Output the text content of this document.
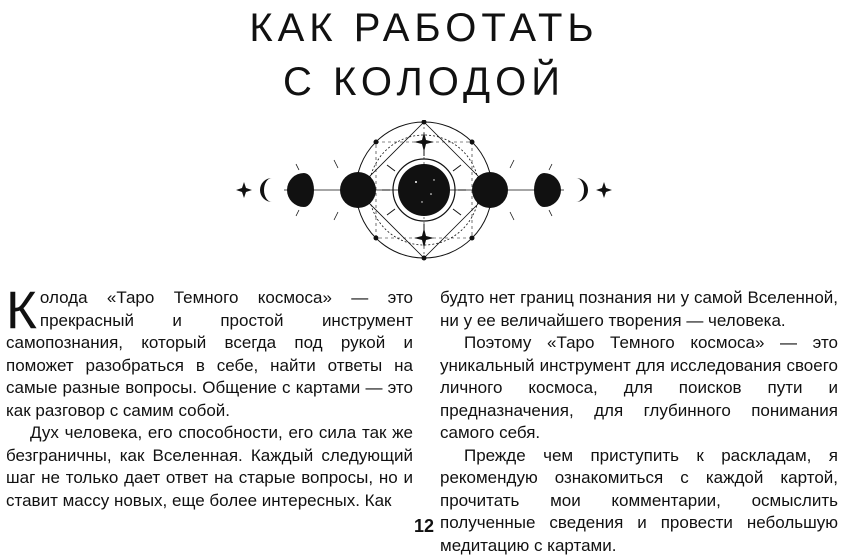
КАК РАБОТАТЬ
С КОЛОДОЙ

Колода «Таро Темного космоса» — это прекрасный и простой инструмент самопознания, который всегда под рукой и поможет разобраться в себе, найти ответы на самые разные вопросы. Общение с картами — это как разговор с самим собой.

Дух человека, его способности, его сила так же безграничны, как Вселенная. Каждый следующий шаг не только дает ответ на старые вопросы, но и ставит массу новых, еще более интересных. Как

будто нет границ познания ни у самой Вселенной, ни у ее величайшего творения — человека.

Поэтому «Таро Темного космоса» — это уникальный инструмент для исследования своего личного космоса, для поисков пути и предназначения, для глубинного понимания самого себя.

Прежде чем приступить к раскладам, я рекомендую ознакомиться с каждой картой, прочитать мои комментарии, осмыслить полученные сведения и провести небольшую медитацию с картами.

12
